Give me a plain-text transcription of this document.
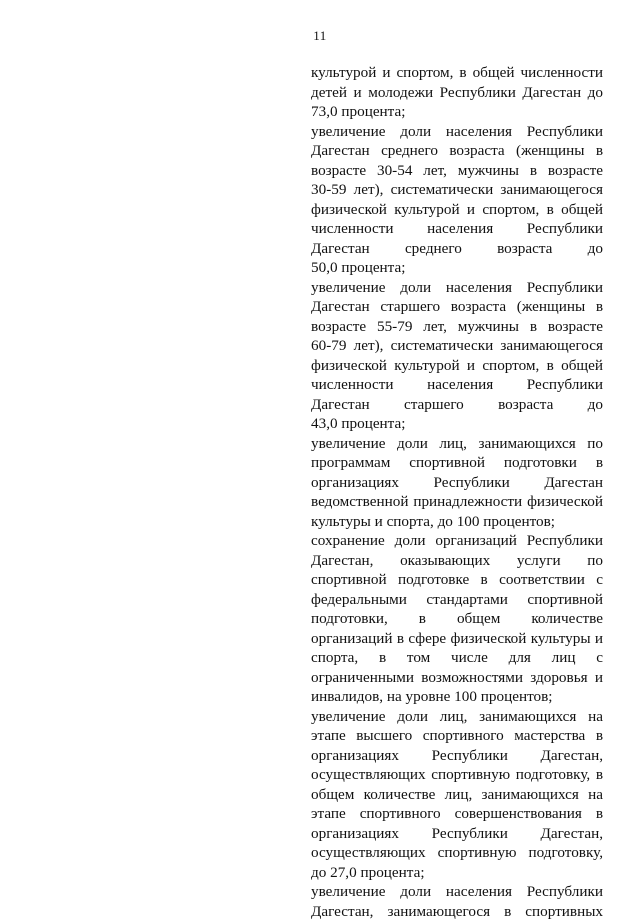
11
культурой и спортом, в общей численности
детей и молодежи Республики Дагестан до
73,0 процента;
увеличение доли населения Республики
Дагестан среднего возраста (женщины в
возрасте 30-54 лет, мужчины в возрасте
30-59 лет), систематически занимающегося
физической культурой и спортом, в общей
численности населения Республики
Дагестан среднего возраста до
50,0 процента;
увеличение доли населения Республики
Дагестан старшего возраста (женщины в
возрасте 55-79 лет, мужчины в возрасте
60-79 лет), систематически занимающегося
физической культурой и спортом, в общей
численности населения Республики
Дагестан старшего возраста до
43,0 процента;
увеличение доли лиц, занимающихся по
программам спортивной подготовки в
организациях Республики Дагестан
ведомственной принадлежности физической
культуры и спорта, до 100 процентов;
сохранение доли организаций Республики
Дагестан, оказывающих услуги по
спортивной подготовке в соответствии с
федеральными стандартами спортивной
подготовки, в общем количестве
организаций в сфере физической культуры и
спорта, в том числе для лиц с
ограниченными возможностями здоровья и
инвалидов, на уровне 100 процентов;
увеличение доли лиц, занимающихся на
этапе высшего спортивного мастерства в
организациях Республики Дагестан,
осуществляющих спортивную подготовку, в
общем количестве лиц, занимающихся на
этапе спортивного совершенствования в
организациях Республики Дагестан,
осуществляющих спортивную подготовку,
до 27,0 процента;
увеличение доли населения Республики
Дагестан, занимающегося в спортивных
